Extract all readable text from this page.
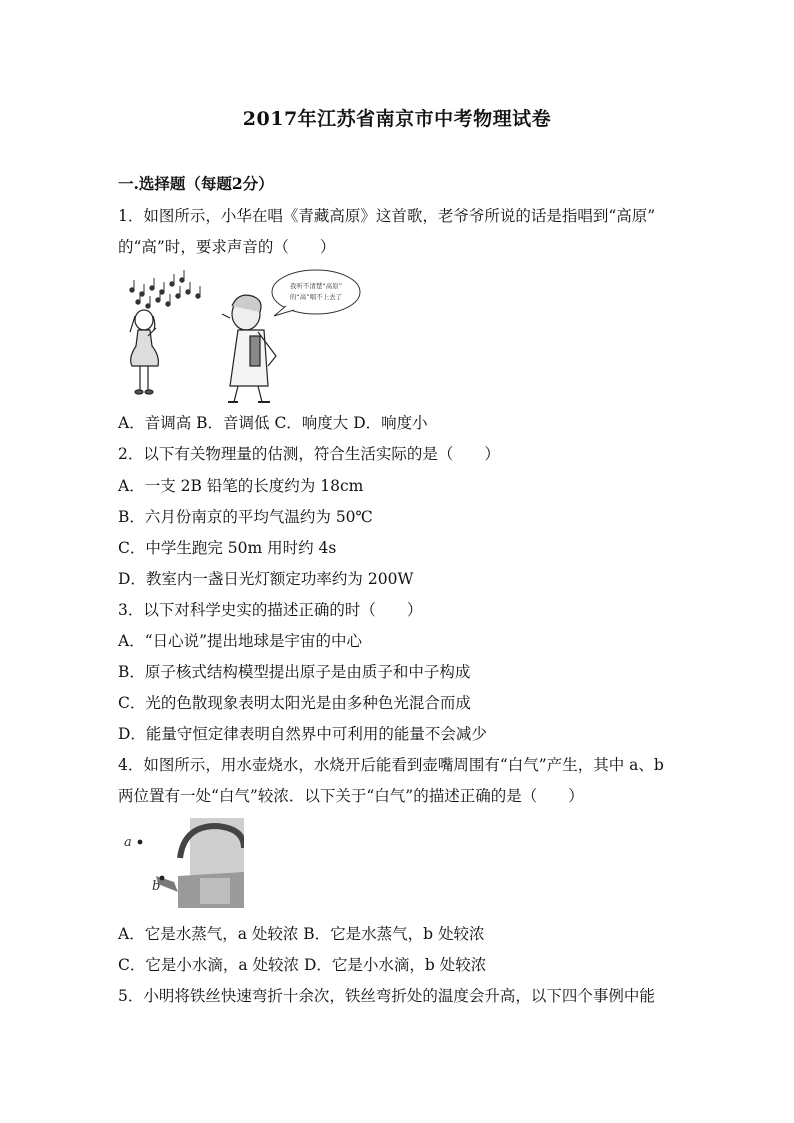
2017年江苏省南京市中考物理试卷
一.选择题（每题2分）
1．如图所示，小华在唱《青藏高原》这首歌，老爷爷所说的话是指唱到“高原”
的“高”时，要求声音的（　　）
我听不清楚“高原”
的“高”唱不上去了
A．音调高 B．音调低 C．响度大 D．响度小
2．以下有关物理量的估测，符合生活实际的是（　　）
A．一支 2B 铅笔的长度约为 18cm
B．六月份南京的平均气温约为 50℃
C．中学生跑完 50m 用时约 4s
D．教室内一盏日光灯额定功率约为 200W
3．以下对科学史实的描述正确的时（　　）
A．“日心说”提出地球是宇宙的中心
B．原子核式结构模型提出原子是由质子和中子构成
C．光的色散现象表明太阳光是由多种色光混合而成
D．能量守恒定律表明自然界中可利用的能量不会减少
4．如图所示，用水壶烧水，水烧开后能看到壶嘴周围有“白气”产生，其中 a、b
两位置有一处“白气”较浓．以下关于“白气”的描述正确的是（　　）
a
b
A．它是水蒸气，a 处较浓 B．它是水蒸气，b 处较浓
C．它是小水滴，a 处较浓 D．它是小水滴，b 处较浓
5．小明将铁丝快速弯折十余次，铁丝弯折处的温度会升高，以下四个事例中能
